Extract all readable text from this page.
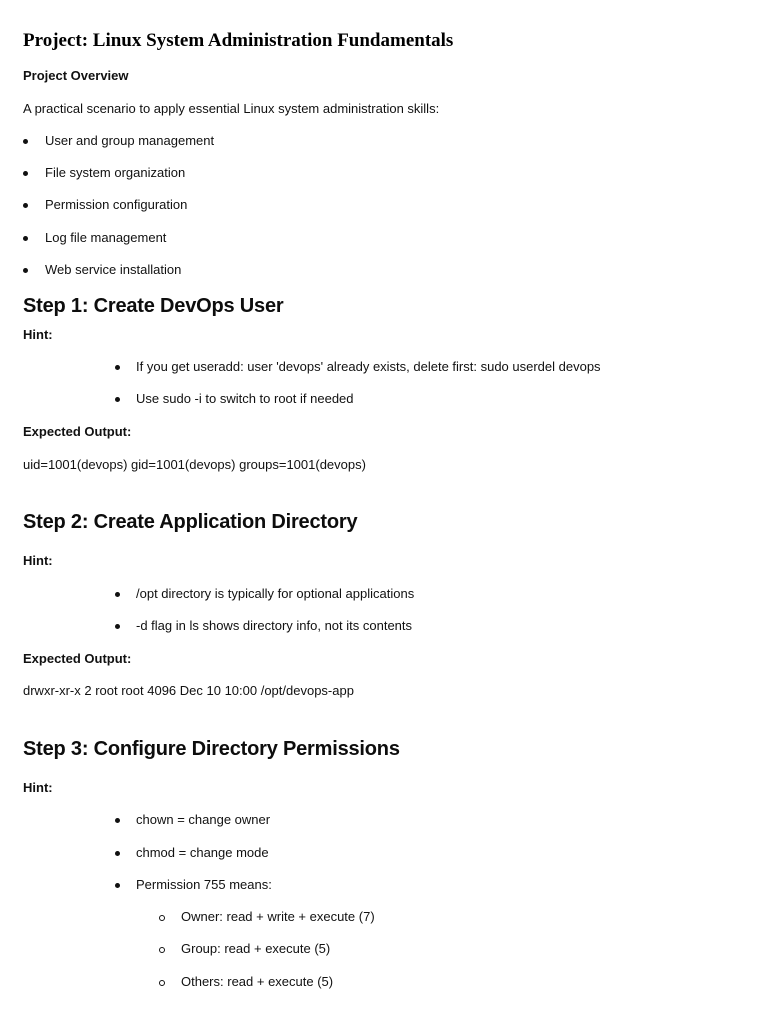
Project: Linux System Administration Fundamentals
Project Overview
A practical scenario to apply essential Linux system administration skills:
User and group management
File system organization
Permission configuration
Log file management
Web service installation
Step 1: Create DevOps User
Hint:
If you get useradd: user 'devops' already exists, delete first: sudo userdel devops
Use sudo -i to switch to root if needed
Expected Output:
uid=1001(devops) gid=1001(devops) groups=1001(devops)
Step 2: Create Application Directory
Hint:
/opt directory is typically for optional applications
-d flag in ls shows directory info, not its contents
Expected Output:
drwxr-xr-x 2 root root 4096 Dec 10 10:00 /opt/devops-app
Step 3: Configure Directory Permissions
Hint:
chown = change owner
chmod = change mode
Permission 755 means:
Owner: read + write + execute (7)
Group: read + execute (5)
Others: read + execute (5)
